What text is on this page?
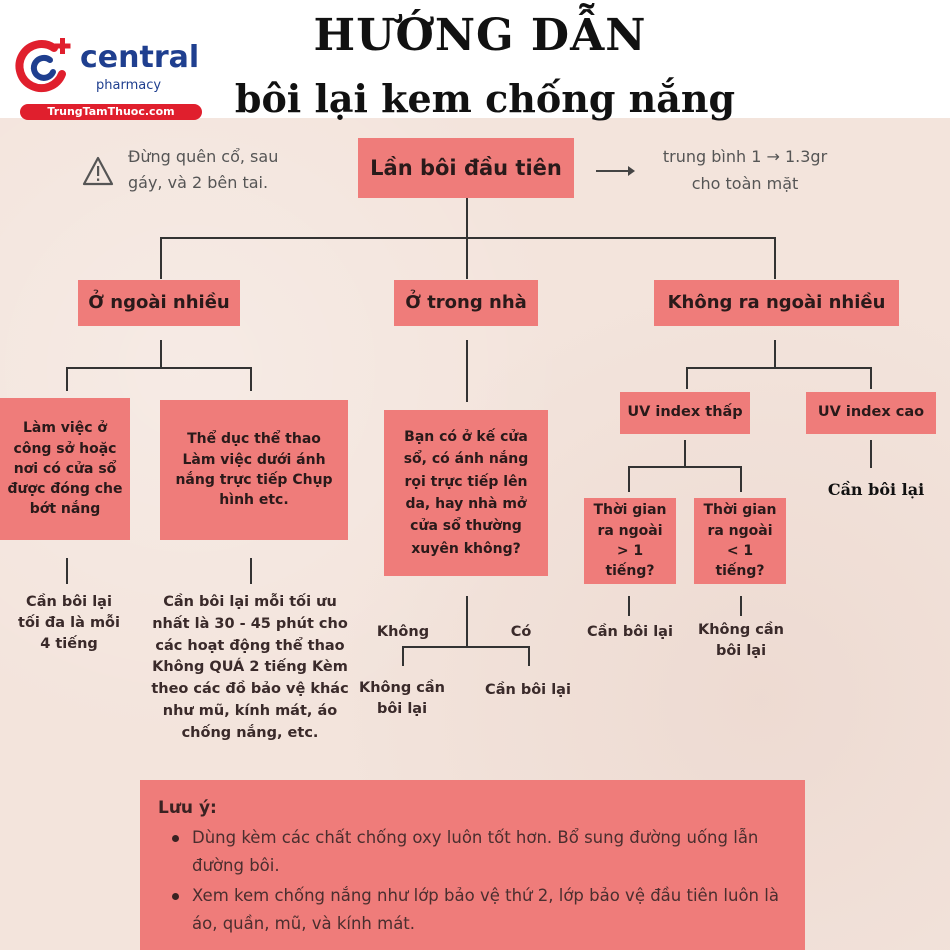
central
pharmacy
TrungTamThuoc.com
HƯỚNG DẪN
bôi lại kem chống nắng
Đừng quên cổ, sau gáy, và 2 bên tai.
Lần bôi đầu tiên	trung bình 1 → 1.3gr
cho toàn mặt
Ở ngoài nhiều	Ở trong nhà	Không ra ngoài nhiều
Làm việc ở công sở hoặc nơi có cửa sổ được đóng che bớt nắng
Thể dục thể thao Làm việc dưới ánh nắng trực tiếp Chụp hình etc.
Cần bôi lại tối đa là mỗi 4 tiếng
Cần bôi lại mỗi tối ưu nhất là 30 - 45 phút cho các hoạt động thể thao Không QUÁ 2 tiếng Kèm theo các đồ bảo vệ khác như mũ, kính mát, áo chống nắng, etc.
Bạn có ở kế cửa sổ, có ánh nắng rọi trực tiếp lên da, hay nhà mở cửa sổ thường xuyên không?
Không	Có
Không cần bôi lại
Cần bôi lại
UV index thấp	UV index cao
Cần bôi lại
Thời gian ra ngoài > 1 tiếng?
Thời gian ra ngoài < 1 tiếng?
Cần bôi lại	Không cần bôi lại
Lưu ý:
Dùng kèm các chất chống oxy luôn tốt hơn. Bổ sung đường uống lẫn đường bôi.
Xem kem chống nắng như lớp bảo vệ thứ 2, lớp bảo vệ đầu tiên luôn là áo, quần, mũ, và kính mát.
